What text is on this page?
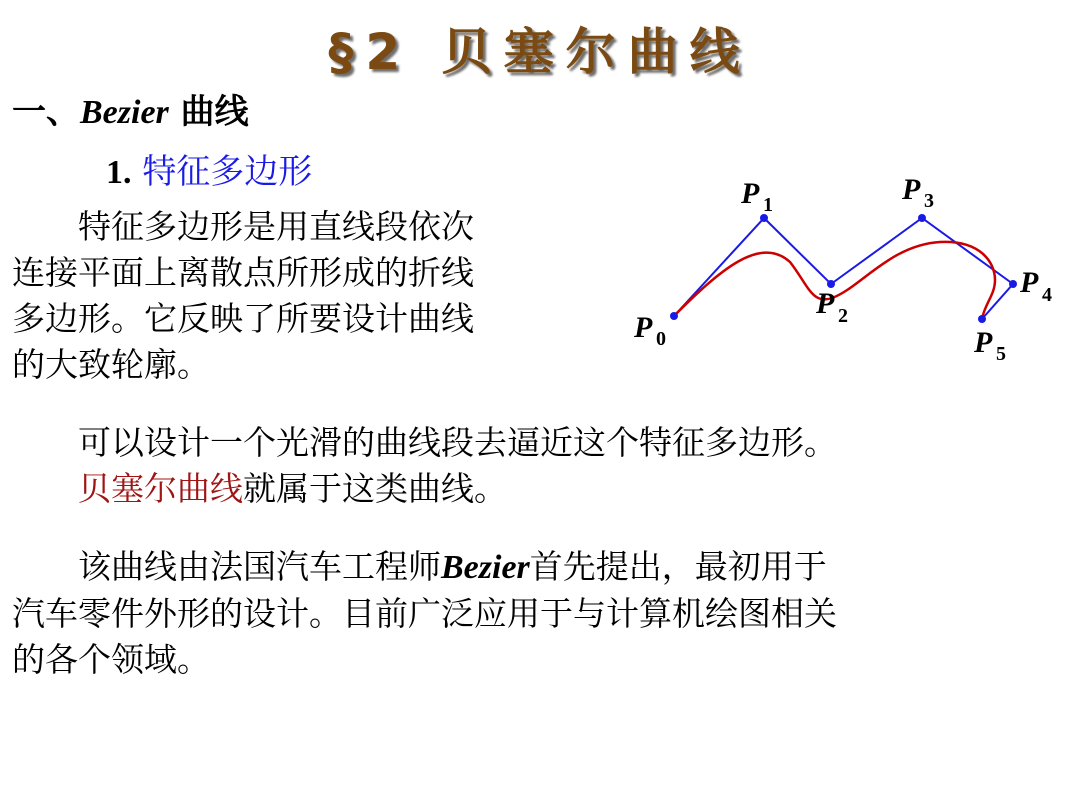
§2 贝塞尔曲线
一、Bezier 曲线
1. 特征多边形
　　特征多边形是用直线段依次
连接平面上离散点所形成的折线
多边形。它反映了所要设计曲线
的大致轮廓。
　　可以设计一个光滑的曲线段去逼近这个特征多边形。
　　贝塞尔曲线就属于这类曲线。
　　该曲线由法国汽车工程师Bezier首先提出，最初用于
汽车零件外形的设计。目前广泛应用于与计算机绘图相关
的各个领域。
P 0
P 1
P 2
P 3
P 4
P 5
